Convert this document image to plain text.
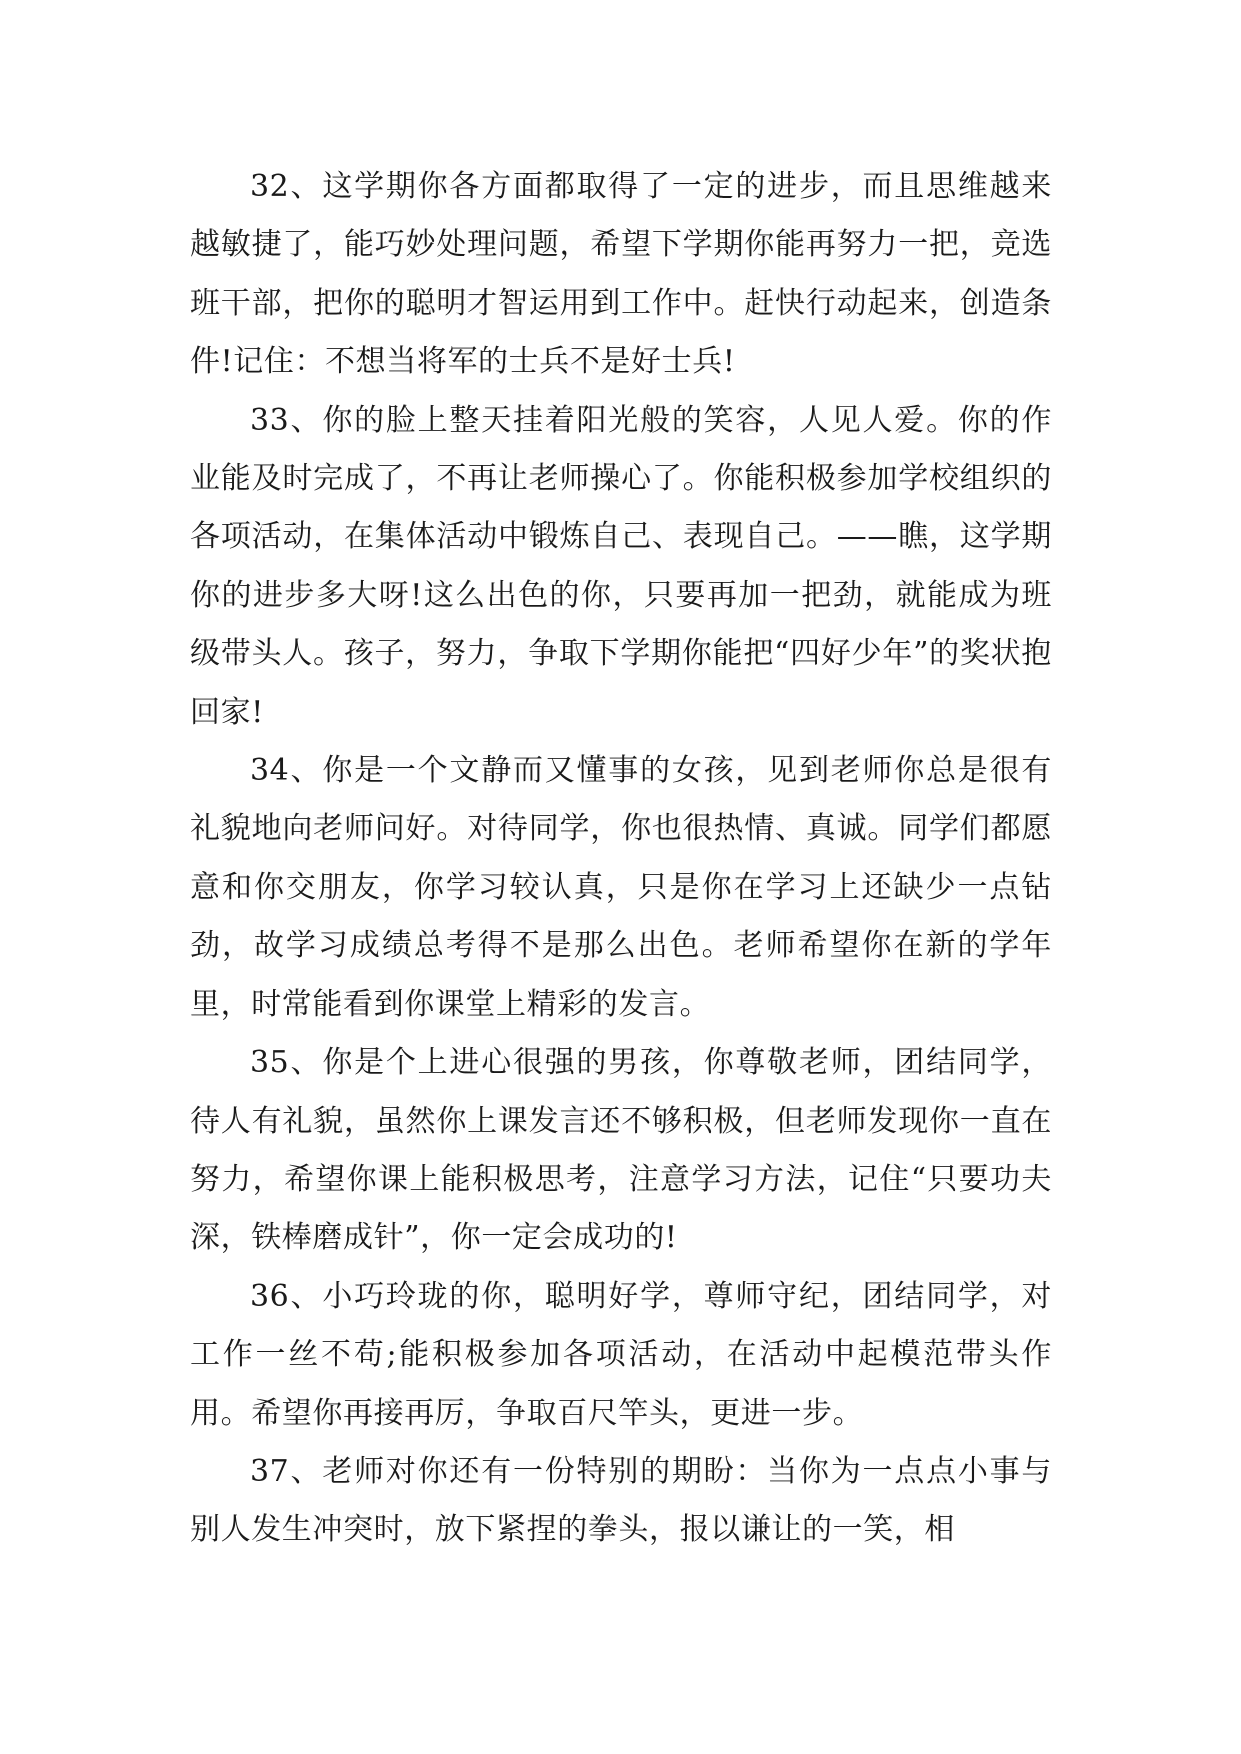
32、这学期你各方面都取得了一定的进步，而且思维越来越敏捷了，能巧妙处理问题，希望下学期你能再努力一把，竞选班干部，把你的聪明才智运用到工作中。赶快行动起来，创造条件!记住：不想当将军的士兵不是好士兵!

33、你的脸上整天挂着阳光般的笑容，人见人爱。你的作业能及时完成了，不再让老师操心了。你能积极参加学校组织的各项活动，在集体活动中锻炼自己、表现自己。——瞧，这学期你的进步多大呀!这么出色的你，只要再加一把劲，就能成为班级带头人。孩子，努力，争取下学期你能把“四好少年”的奖状抱回家!

34、你是一个文静而又懂事的女孩，见到老师你总是很有礼貌地向老师问好。对待同学，你也很热情、真诚。同学们都愿意和你交朋友，你学习较认真，只是你在学习上还缺少一点钻劲，故学习成绩总考得不是那么出色。老师希望你在新的学年里，时常能看到你课堂上精彩的发言。

35、你是个上进心很强的男孩，你尊敬老师，团结同学，待人有礼貌，虽然你上课发言还不够积极，但老师发现你一直在努力，希望你课上能积极思考，注意学习方法，记住“只要功夫深，铁棒磨成针”，你一定会成功的!

36、小巧玲珑的你，聪明好学，尊师守纪，团结同学，对工作一丝不苟;能积极参加各项活动，在活动中起模范带头作用。希望你再接再厉，争取百尺竿头，更进一步。

37、老师对你还有一份特别的期盼：当你为一点点小事与别人发生冲突时，放下紧捏的拳头，报以谦让的一笑，相
